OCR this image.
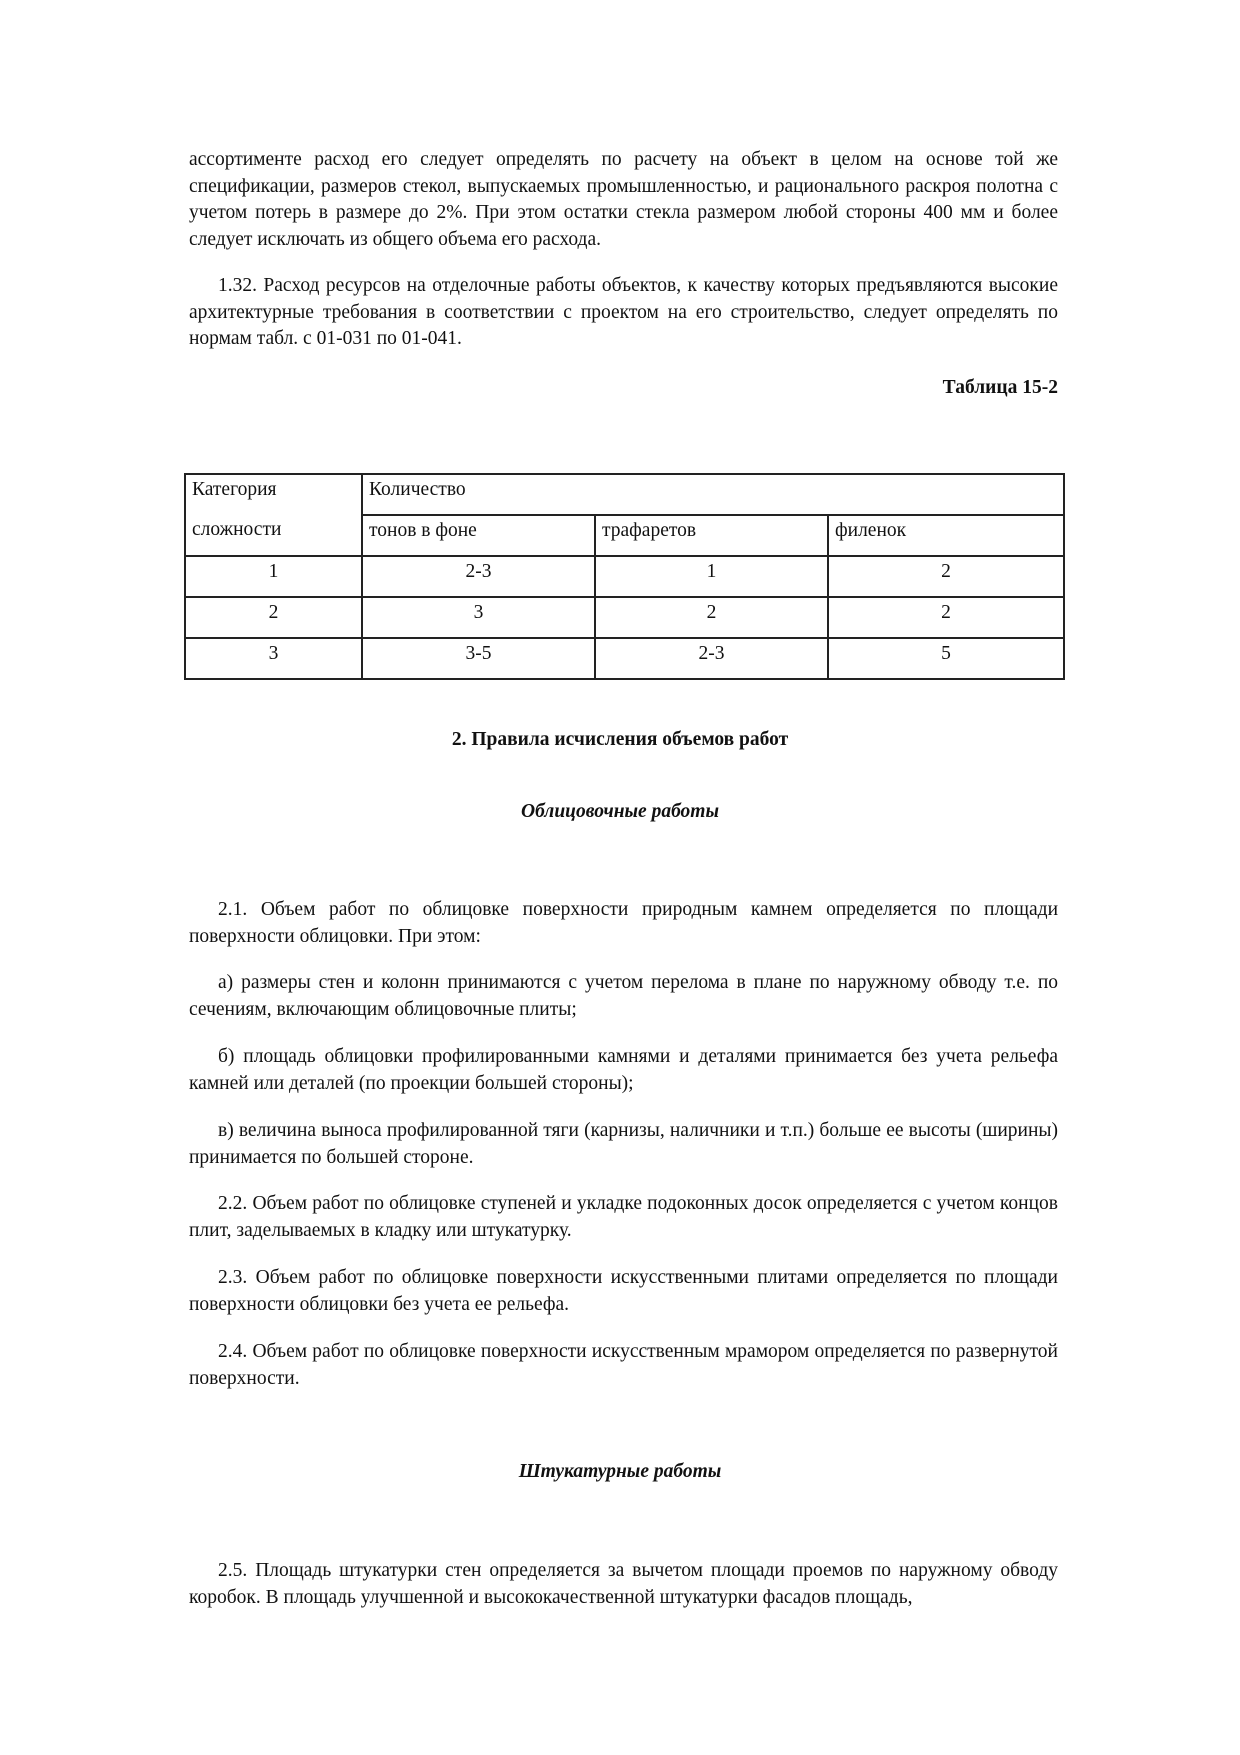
ассортименте расход его следует определять по расчету на объект в целом на основе той же спецификации, размеров стекол, выпускаемых промышленностью, и рационального раскроя полотна с учетом потерь в размере до 2%. При этом остатки стекла размером любой стороны 400 мм и более следует исключать из общего объема его расхода.

1.32. Расход ресурсов на отделочные работы объектов, к качеству которых предъявляются высокие архитектурные требования в соответствии с проектом на его строительство, следует определять по нормам табл. с 01-031 по 01-041.

Таблица 15-2
Категория	Количество		
сложности	тонов в фоне	трафаретов	филенок
1	2-3	1	2
2	3	2	2
3	3-5	2-3	5
2. Правила исчисления объемов работ
Облицовочные работы

2.1. Объем работ по облицовке поверхности природным камнем определяется по площади поверхности облицовки. При этом:

а) размеры стен и колонн принимаются с учетом перелома в плане по наружному обводу т.е. по сечениям, включающим облицовочные плиты;

б) площадь облицовки профилированными камнями и деталями принимается без учета рельефа камней или деталей (по проекции большей стороны);

в) величина выноса профилированной тяги (карнизы, наличники и т.п.) больше ее высоты (ширины) принимается по большей стороне.

2.2. Объем работ по облицовке ступеней и укладке подоконных досок определяется с учетом концов плит, заделываемых в кладку или штукатурку.

2.3. Объем работ по облицовке поверхности искусственными плитами определяется по площади поверхности облицовки без учета ее рельефа.

2.4. Объем работ по облицовке поверхности искусственным мрамором определяется по развернутой поверхности.

Штукатурные работы

2.5. Площадь штукатурки стен определяется за вычетом площади проемов по наружному обводу коробок. В площадь улучшенной и высококачественной штукатурки фасадов площадь,
